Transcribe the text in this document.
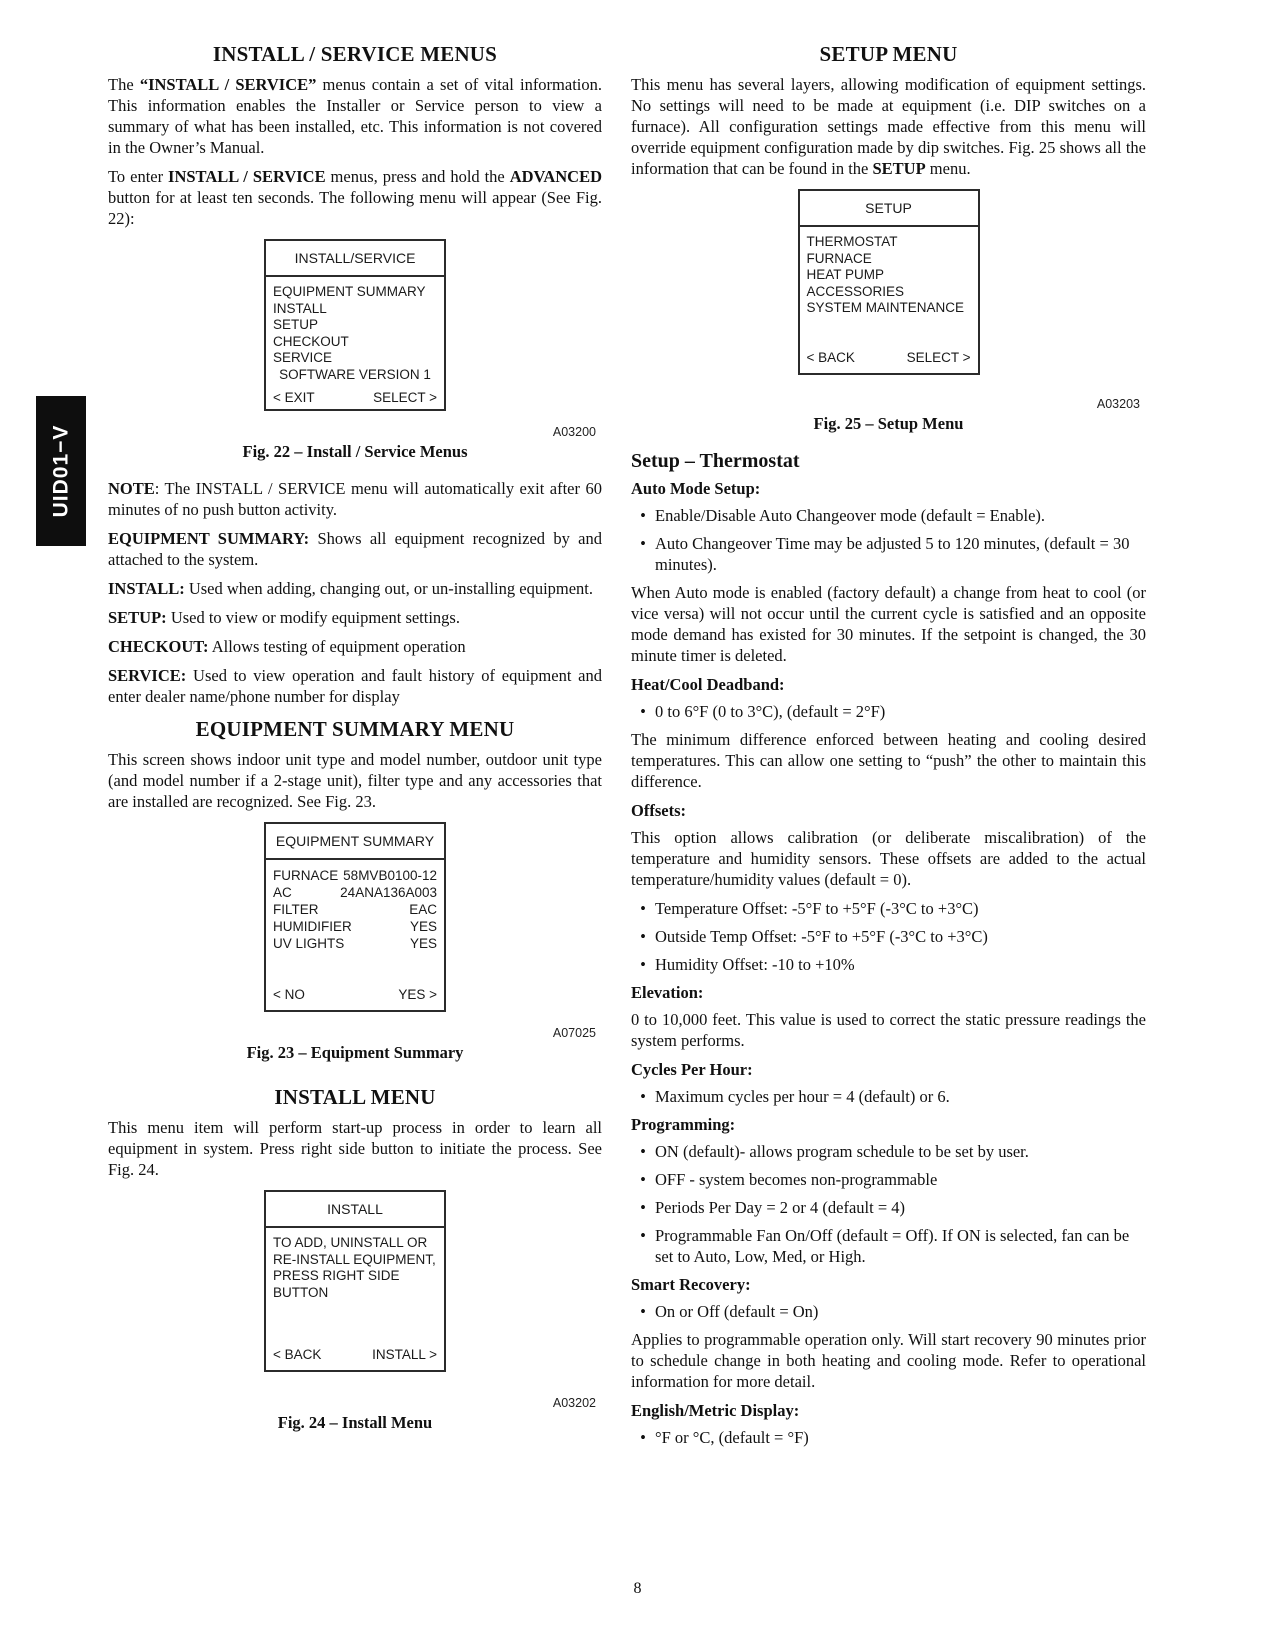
UID01−V
INSTALL / SERVICE MENUS

The “INSTALL / SERVICE” menus contain a set of vital information. This information enables the Installer or Service person to view a summary of what has been installed, etc. This information is not covered in the Owner’s Manual.

To enter INSTALL / SERVICE menus, press and hold the ADVANCED button for at least ten seconds. The following menu will appear (See Fig. 22):

INSTALL/SERVICE
EQUIPMENT SUMMARY
INSTALL
SETUP
CHECKOUT
SERVICE
SOFTWARE VERSION 1
< EXIT	SELECT >
A03200
Fig. 22 – Install / Service Menus

NOTE: The INSTALL / SERVICE menu will automatically exit after 60 minutes of no push button activity.

EQUIPMENT SUMMARY: Shows all equipment recognized by and attached to the system.

INSTALL: Used when adding, changing out, or un-installing equipment.

SETUP: Used to view or modify equipment settings.

CHECKOUT: Allows testing of equipment operation

SERVICE: Used to view operation and fault history of equipment and enter dealer name/phone number for display

EQUIPMENT SUMMARY MENU

This screen shows indoor unit type and model number, outdoor unit type (and model number if a 2-stage unit), filter type and any accessories that are installed are recognized. See Fig. 23.

EQUIPMENT SUMMARY
FURNACE 58MVB0100-12
AC	24ANA136A003
FILTER	EAC
HUMIDIFIER	YES
UV LIGHTS	YES
< NO	YES >
A07025
Fig. 23 – Equipment Summary
INSTALL MENU

This menu item will perform start-up process in order to learn all equipment in system. Press right side button to initiate the process. See Fig. 24.

INSTALL
TO ADD, UNINSTALL OR
RE-INSTALL EQUIPMENT,
PRESS RIGHT SIDE
BUTTON
< BACK	INSTALL >
A03202
Fig. 24 – Install Menu
SETUP MENU

This menu has several layers, allowing modification of equipment settings. No settings will need to be made at equipment (i.e. DIP switches on a furnace). All configuration settings made effective from this menu will override equipment configuration made by dip switches. Fig. 25 shows all the information that can be found in the SETUP menu.

SETUP
THERMOSTAT
FURNACE
HEAT PUMP
ACCESSORIES
SYSTEM MAINTENANCE
< BACK	SELECT >
A03203
Fig. 25 – Setup Menu
Setup – Thermostat
Auto Mode Setup:
• Enable/Disable Auto Changeover mode (default = Enable).
• Auto Changeover Time may be adjusted 5 to 120 minutes, (default = 30 minutes).

When Auto mode is enabled (factory default) a change from heat to cool (or vice versa) will not occur until the current cycle is satisfied and an opposite mode demand has existed for 30 minutes. If the setpoint is changed, the 30 minute timer is deleted.

Heat/Cool Deadband:
• 0 to 6°F (0 to 3°C), (default = 2°F)

The minimum difference enforced between heating and cooling desired temperatures. This can allow one setting to “push” the other to maintain this difference.

Offsets:

This option allows calibration (or deliberate miscalibration) of the temperature and humidity sensors. These offsets are added to the actual temperature/humidity values (default = 0).

• Temperature Offset: -5°F to +5°F (-3°C to +3°C)
• Outside Temp Offset: -5°F to +5°F (-3°C to +3°C)
• Humidity Offset: -10 to +10%
Elevation:

0 to 10,000 feet. This value is used to correct the static pressure readings the system performs.

Cycles Per Hour:
• Maximum cycles per hour = 4 (default) or 6.
Programming:
• ON (default)- allows program schedule to be set by user.
• OFF - system becomes non-programmable
• Periods Per Day = 2 or 4 (default = 4)
• Programmable Fan On/Off (default = Off). If ON is selected, fan can be set to Auto, Low, Med, or High.
Smart Recovery:
• On or Off (default = On)

Applies to programmable operation only. Will start recovery 90 minutes prior to schedule change in both heating and cooling mode. Refer to operational information for more detail.

English/Metric Display:
• °F or °C, (default = °F)
8
